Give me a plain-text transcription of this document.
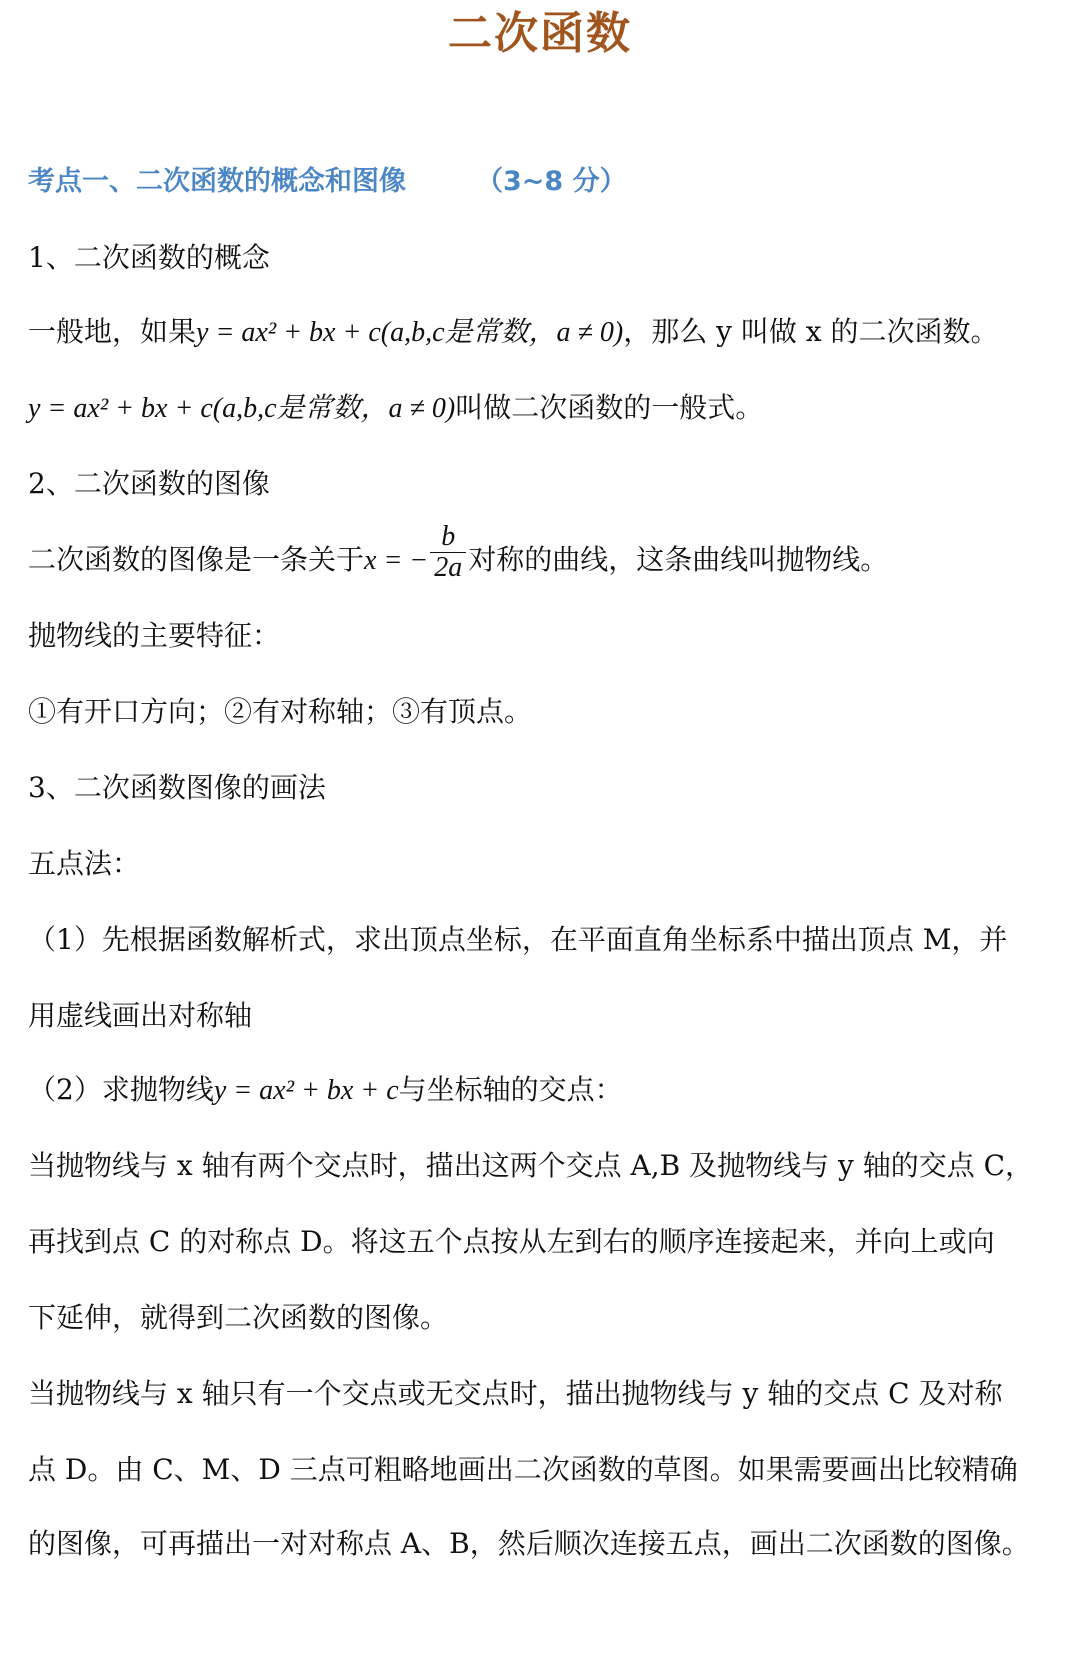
二次函数
考点一、二次函数的概念和图像	（3~8 分）
1、二次函数的概念
一般地，如果y = ax² + bx + c(a,b,c是常数，a ≠ 0)，那么 y 叫做 x 的二次函数。
y = ax² + bx + c(a,b,c是常数，a ≠ 0)叫做二次函数的一般式。
2、二次函数的图像
二次函数的图像是一条关于x = − $\frac{b}{2a}$ 对称的曲线，这条曲线叫抛物线。
抛物线的主要特征：
①有开口方向；②有对称轴；③有顶点。
3、二次函数图像的画法
五点法：
（1）先根据函数解析式，求出顶点坐标，在平面直角坐标系中描出顶点 M，并
用虚线画出对称轴
（2）求抛物线y = ax² + bx + c与坐标轴的交点：
当抛物线与 x 轴有两个交点时，描出这两个交点 A,B 及抛物线与 y 轴的交点 C，
再找到点 C 的对称点 D。将这五个点按从左到右的顺序连接起来，并向上或向
下延伸，就得到二次函数的图像。
当抛物线与 x 轴只有一个交点或无交点时，描出抛物线与 y 轴的交点 C 及对称
点 D。由 C、M、D 三点可粗略地画出二次函数的草图。如果需要画出比较精确
的图像，可再描出一对对称点 A、B，然后顺次连接五点，画出二次函数的图像。
